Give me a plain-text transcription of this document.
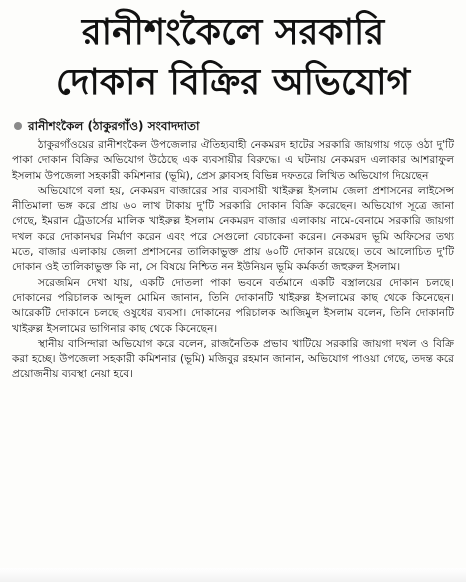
রানীশংকৈলে সরকারি
দোকান বিক্রির অভিযোগ
রানীশংকৈল (ঠাকুরগাঁও) সংবাদদাতা

ঠাকুরগাঁওয়ের রানীশংকৈল উপজেলার ঐতিহ্যবাহী নেকমরদ হাটের সরকারি জায়গায় গড়ে ওঠা দু'টি পাকা দোকান বিক্রির অভিযোগ উঠেছে এক ব্যবসায়ীর বিরুদ্ধে। এ ঘটনায় নেকমরদ এলাকার আশরাফুল ইসলাম উপজেলা সহকারী কমিশনার (ভূমি), প্রেস ক্লাবসহ বিভিন্ন দফতরে লিখিত অভিযোগ দিয়েছেন

অভিযোগে বলা হয়, নেকমরদ বাজারের সার ব্যবসায়ী খাইরুল্ল ইসলাম জেলা প্রশাসনের লাইসেন্স নীতিমালা ভঙ্গ করে প্রায় ৬০ লাখ টাকায় দু'টি সরকারি দোকান বিক্রি করেছেন। অভিযোগ সূত্রে জানা গেছে, ইমরান ট্রেডার্সের মালিক খাইরুল্ল ইসলাম নেকমরদ বাজার এলাকায় নামে-বেনামে সরকারি জায়গা দখল করে দোকানঘর নির্মাণ করেন এবং পরে সেগুলো বেচাকেনা করেন। নেকমরদ ভূমি অফিসের তথ্য মতে, বাজার এলাকায় জেলা প্রশাসনের তালিকাভুক্ত প্রায় ৬০টি দোকান রয়েছে। তবে আলোচিত দু'টি দোকান ওই তালিকাভুক্ত কি না, সে বিষয়ে নিশ্চিত নন ইউনিয়ন ভূমি কর্মকর্তা জহুরুল ইসলাম।

সরেজমিন দেখা যায়, একটি দোতলা পাকা ভবনে বর্তমানে একটি বস্ত্রালয়ের দোকান চলছে। দোকানের পরিচালক আব্দুল মোমিন জানান, তিনি দোকানটি খাইরুল্ল ইসলামের কাছ থেকে কিনেছেন। আরেকটি দোকানে চলছে ওষুধের ব্যবসা। দোকানের পরিচালক আজিমুল ইসলাম বলেন, তিনি দোকানটি খাইরুল্ল ইসলামের ভাগিনার কাছ থেকে কিনেছেন।

স্থানীয় বাসিন্দারা অভিযোগ করে বলেন, রাজনৈতিক প্রভাব খাটিয়ে সরকারি জায়গা দখল ও বিক্রি করা হচ্ছে। উপজেলা সহকারী কমিশনার (ভূমি) মজিবুর রহমান জানান, অভিযোগ পাওয়া গেছে, তদন্ত করে প্রয়োজনীয় ব্যবস্থা নেয়া হবে।
